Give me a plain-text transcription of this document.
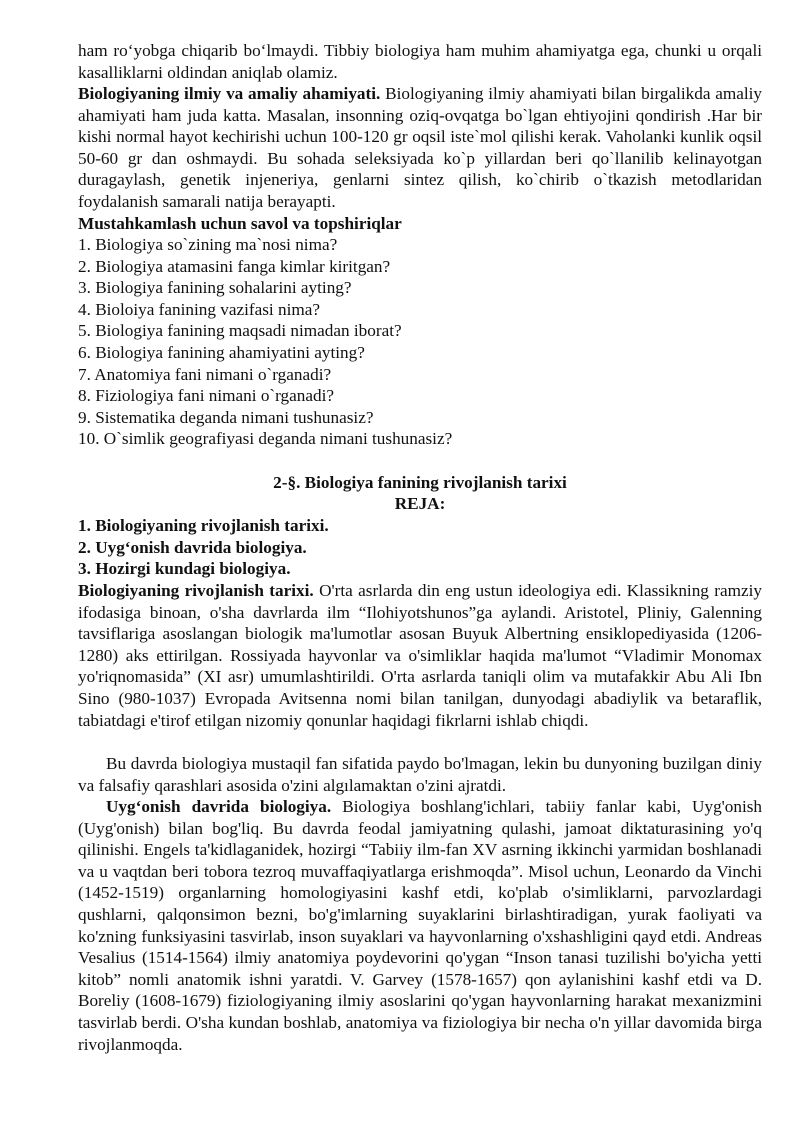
ham ro‘yobga chiqarib bo‘lmaydi. Tibbiy biologiya ham muhim ahamiyatga ega, chunki u orqali kasalliklarni oldindan aniqlab olamiz.

Biologiyaning ilmiy va amaliy ahamiyati. Biologiyaning ilmiy ahamiyati bilan birgalikda amaliy ahamiyati ham juda katta. Masalan, insonning oziq-ovqatga bo`lgan ehtiyojini qondirish .Har bir kishi normal hayot kechirishi uchun 100-120 gr oqsil iste`mol qilishi kerak. Vaholanki kunlik oqsil 50-60 gr dan oshmaydi. Bu sohada seleksiyada ko`p yillardan beri qo`llanilib kelinayotgan duragaylash, genetik injeneriya, genlarni sintez qilish, ko`chirib o`tkazish metodlaridan foydalanish samarali natija berayapti.

Mustahkamlash uchun savol va topshiriqlar
1. Biologiya so`zining ma`nosi nima?
2. Biologiya atamasini fanga kimlar kiritgan?
3. Biologiya fanining sohalarini ayting?
4. Bioloiya fanining vazifasi nima?
5. Biologiya fanining maqsadi nimadan iborat?
6. Biologiya fanining ahamiyatini ayting?
7. Anatomiya fani nimani o`rganadi?
8. Fiziologiya fani nimani o`rganadi?
9. Sistematika deganda nimani tushunasiz?
10. O`simlik geografiyasi deganda nimani tushunasiz?
2-§. Biologiya fanining rivojlanish tarixi
REJA:
1. Biologiyaning rivojlanish tarixi.
2. Uyg‘onish davrida biologiya.
3. Hozirgi kundagi biologiya.

Biologiyaning rivojlanish tarixi. O'rta asrlarda din eng ustun ideologiya edi. Klassikning ramziy ifodasiga binoan, o'sha davrlarda ilm “Ilohiyotshunos”ga aylandi. Aristotel, Pliniy, Galenning tavsiflariga asoslangan biologik ma'lumotlar asosan Buyuk Albertning ensiklopediyasida (1206-1280) aks ettirilgan. Rossiyada hayvonlar va o'simliklar haqida ma'lumot “Vladimir Monomax yo'riqnomasida” (XI asr) umumlashtirildi. O'rta asrlarda taniqli olim va mutafakkir Abu Ali Ibn Sino (980-1037) Evropada Avitsenna nomi bilan tanilgan, dunyodagi abadiylik va betaraflik, tabiatdagi e'tirof etilgan nizomiy qonunlar haqidagi fikrlarni ishlab chiqdi.

Bu davrda biologiya mustaqil fan sifatida paydo bo'lmagan, lekin bu dunyoning buzilgan diniy va falsafiy qarashlari asosida o'zini algılamaktan o'zini ajratdi.

Uyg‘onish davrida biologiya. Biologiya boshlang'ichlari, tabiiy fanlar kabi, Uyg'onish (Uyg'onish) bilan bog'liq. Bu davrda feodal jamiyatning qulashi, jamoat diktaturasining yo'q qilinishi. Engels ta'kidlaganidek, hozirgi “Tabiiy ilm-fan XV asrning ikkinchi yarmidan boshlanadi va u vaqtdan beri tobora tezroq muvaffaqiyatlarga erishmoqda”. Misol uchun, Leonardo da Vinchi (1452-1519) organlarning homologiyasini kashf etdi, ko'plab o'simliklarni, parvozlardagi qushlarni, qalqonsimon bezni, bo'g'imlarning suyaklarini birlashtiradigan, yurak faoliyati va ko'zning funksiyasini tasvirlab, inson suyaklari va hayvonlarning o'xshashligini qayd etdi. Andreas Vesalius (1514-1564) ilmiy anatomiya poydevorini qo'ygan “Inson tanasi tuzilishi bo'yicha yetti kitob” nomli anatomik ishni yaratdi. V. Garvey (1578-1657) qon aylanishini kashf etdi va D. Boreliy (1608-1679) fiziologiyaning ilmiy asoslarini qo'ygan hayvonlarning harakat mexanizmini tasvirlab berdi. O'sha kundan boshlab, anatomiya va fiziologiya bir necha o'n yillar davomida birga rivojlanmoqda.
